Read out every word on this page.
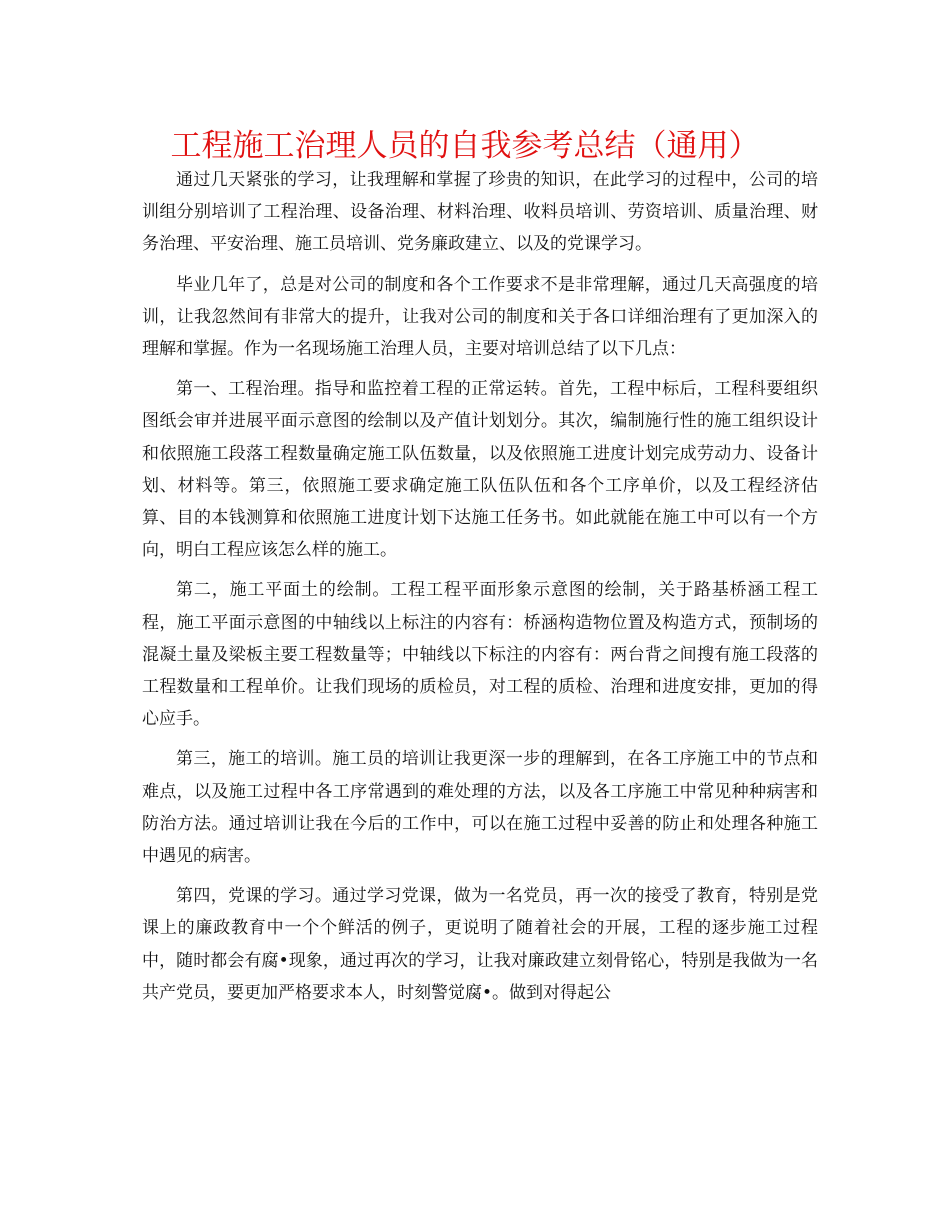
工程施工治理人员的自我参考总结（通用）

通过几天紧张的学习，让我理解和掌握了珍贵的知识，在此学习的过程中，公司的培训组分别培训了工程治理、设备治理、材料治理、收料员培训、劳资培训、质量治理、财务治理、平安治理、施工员培训、党务廉政建立、以及的党课学习。

毕业几年了，总是对公司的制度和各个工作要求不是非常理解，通过几天高强度的培训，让我忽然间有非常大的提升，让我对公司的制度和关于各口详细治理有了更加深入的理解和掌握。作为一名现场施工治理人员，主要对培训总结了以下几点：

第一、工程治理。指导和监控着工程的正常运转。首先，工程中标后，工程科要组织图纸会审并进展平面示意图的绘制以及产值计划划分。其次，编制施行性的施工组织设计和依照施工段落工程数量确定施工队伍数量，以及依照施工进度计划完成劳动力、设备计划、材料等。第三，依照施工要求确定施工队伍队伍和各个工序单价，以及工程经济估算、目的本钱测算和依照施工进度计划下达施工任务书。如此就能在施工中可以有一个方向，明白工程应该怎么样的施工。

第二，施工平面土的绘制。工程工程平面形象示意图的绘制，关于路基桥涵工程工程，施工平面示意图的中轴线以上标注的内容有：桥涵构造物位置及构造方式，预制场的混凝土量及梁板主要工程数量等；中轴线以下标注的内容有：两台背之间搜有施工段落的工程数量和工程单价。让我们现场的质检员，对工程的质检、治理和进度安排，更加的得心应手。

第三，施工的培训。施工员的培训让我更深一步的理解到，在各工序施工中的节点和难点，以及施工过程中各工序常遇到的难处理的方法，以及各工序施工中常见种种病害和防治方法。通过培训让我在今后的工作中，可以在施工过程中妥善的防止和处理各种施工中遇见的病害。

第四，党课的学习。通过学习党课，做为一名党员，再一次的接受了教育，特别是党课上的廉政教育中一个个鲜活的例子，更说明了随着社会的开展，工程的逐步施工过程中，随时都会有腐•现象，通过再次的学习，让我对廉政建立刻骨铭心，特别是我做为一名共产党员，要更加严格要求本人，时刻警觉腐•。做到对得起公
